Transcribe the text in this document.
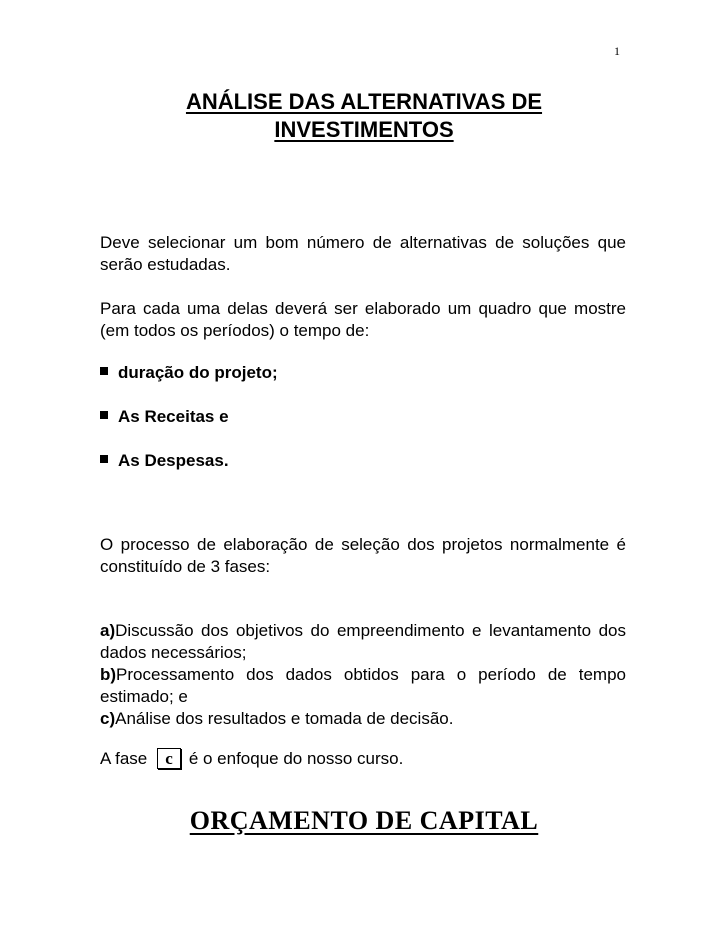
1
ANÁLISE DAS ALTERNATIVAS DE
INVESTIMENTOS

Deve selecionar um bom número de alternativas de soluções que serão estudadas.

Para cada uma delas deverá ser elaborado um quadro que mostre (em todos os períodos) o tempo de:

duração do projeto;
As Receitas e
As Despesas.

O processo de elaboração de seleção dos projetos normalmente é constituído de 3 fases:

a)Discussão dos objetivos do empreendimento e levantamento dos dados necessários;
b)Processamento dos dados obtidos para o período de tempo estimado; e
c)Análise dos resultados e tomada de decisão.
A fase c é o enfoque do nosso curso.
ORÇAMENTO DE CAPITAL
